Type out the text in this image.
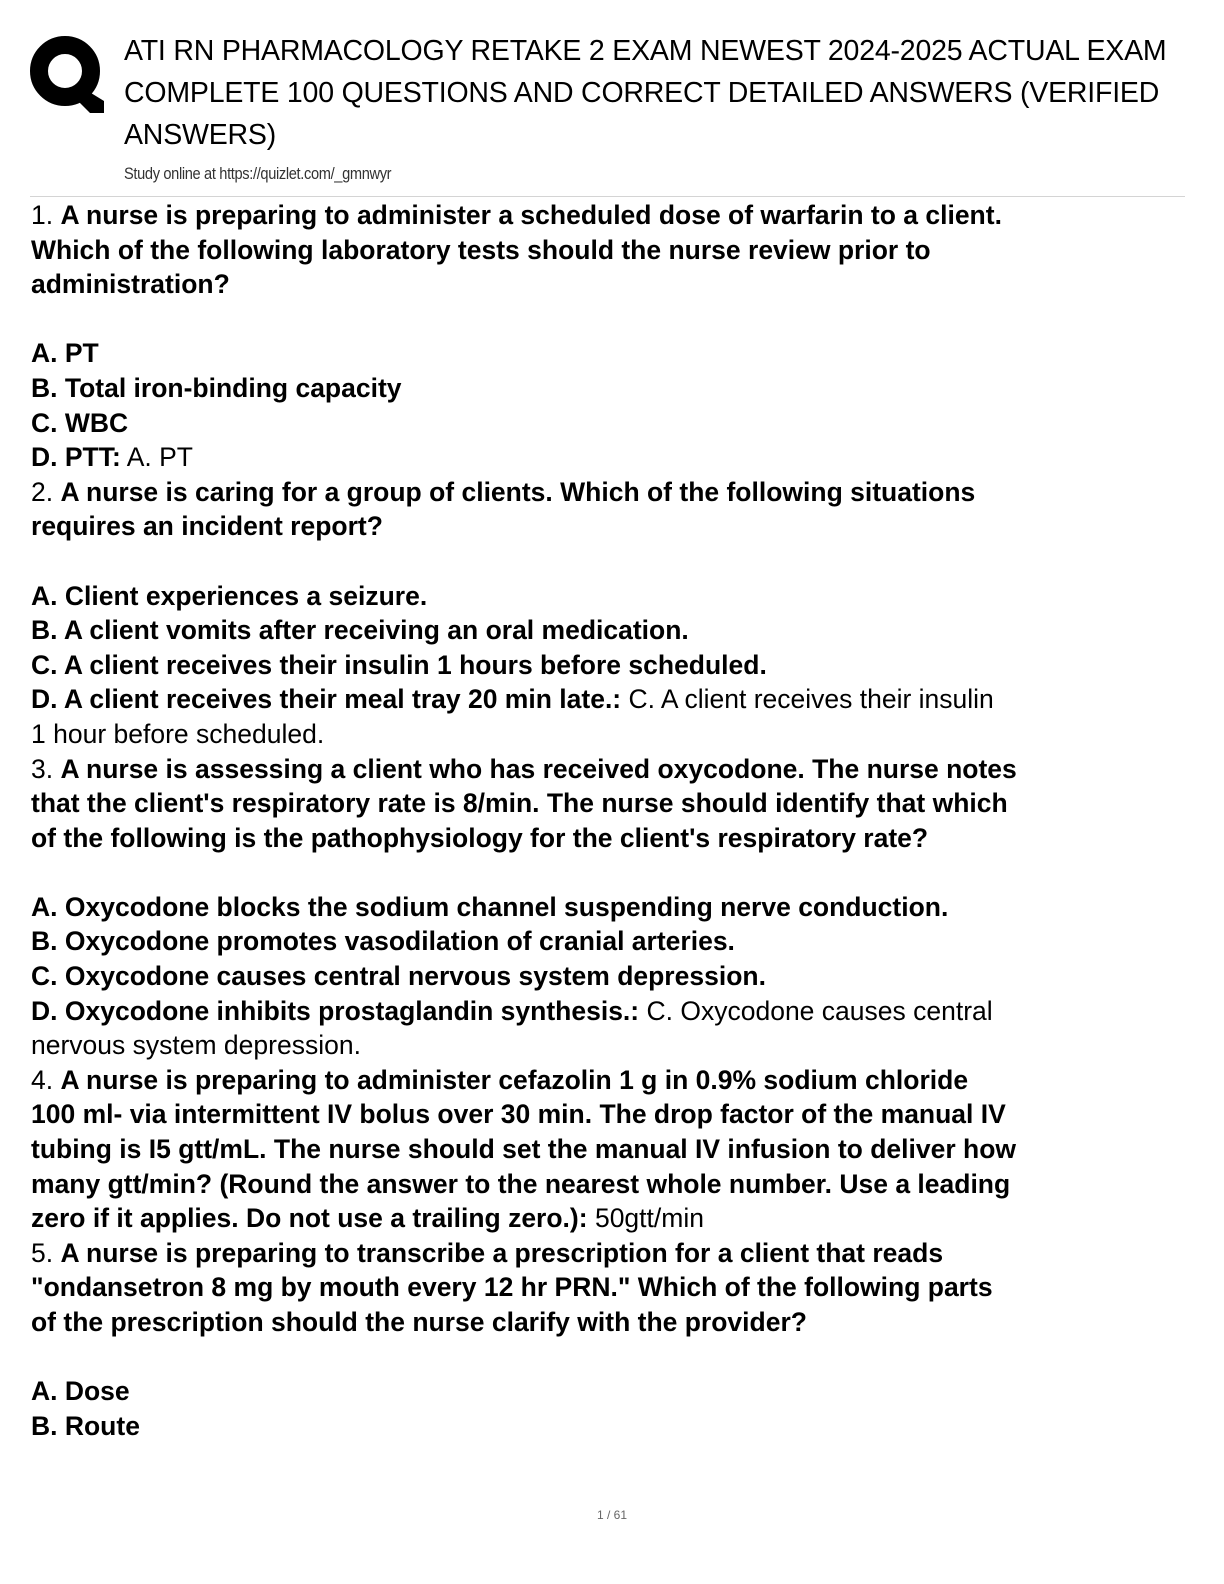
ATI RN PHARMACOLOGY RETAKE 2 EXAM NEWEST 2024-2025 ACTUAL EXAM
COMPLETE 100 QUESTIONS AND CORRECT DETAILED ANSWERS (VERIFIED
ANSWERS)
Study online at https://quizlet.com/_gmnwyr
1. A nurse is preparing to administer a scheduled dose of warfarin to a client.
Which of the following laboratory tests should the nurse review prior to
administration?
A. PT
B. Total iron-binding capacity
C. WBC
D. PTT: A. PT
2. A nurse is caring for a group of clients. Which of the following situations
requires an incident report?
A. Client experiences a seizure.
B. A client vomits after receiving an oral medication.
C. A client receives their insulin 1 hours before scheduled.
D. A client receives their meal tray 20 min late.: C. A client receives their insulin
1 hour before scheduled.
3. A nurse is assessing a client who has received oxycodone. The nurse notes
that the client's respiratory rate is 8/min. The nurse should identify that which
of the following is the pathophysiology for the client's respiratory rate?
A. Oxycodone blocks the sodium channel suspending nerve conduction.
B. Oxycodone promotes vasodilation of cranial arteries.
C. Oxycodone causes central nervous system depression.
D. Oxycodone inhibits prostaglandin synthesis.: C. Oxycodone causes central
nervous system depression.
4. A nurse is preparing to administer cefazolin 1 g in 0.9% sodium chloride
100 ml- via intermittent IV bolus over 30 min. The drop factor of the manual IV
tubing is I5 gtt/mL. The nurse should set the manual IV infusion to deliver how
many gtt/min? (Round the answer to the nearest whole number. Use a leading
zero if it applies. Do not use a trailing zero.): 50gtt/min
5. A nurse is preparing to transcribe a prescription for a client that reads
"ondansetron 8 mg by mouth every 12 hr PRN." Which of the following parts
of the prescription should the nurse clarify with the provider?
A. Dose
B. Route
1 / 61
